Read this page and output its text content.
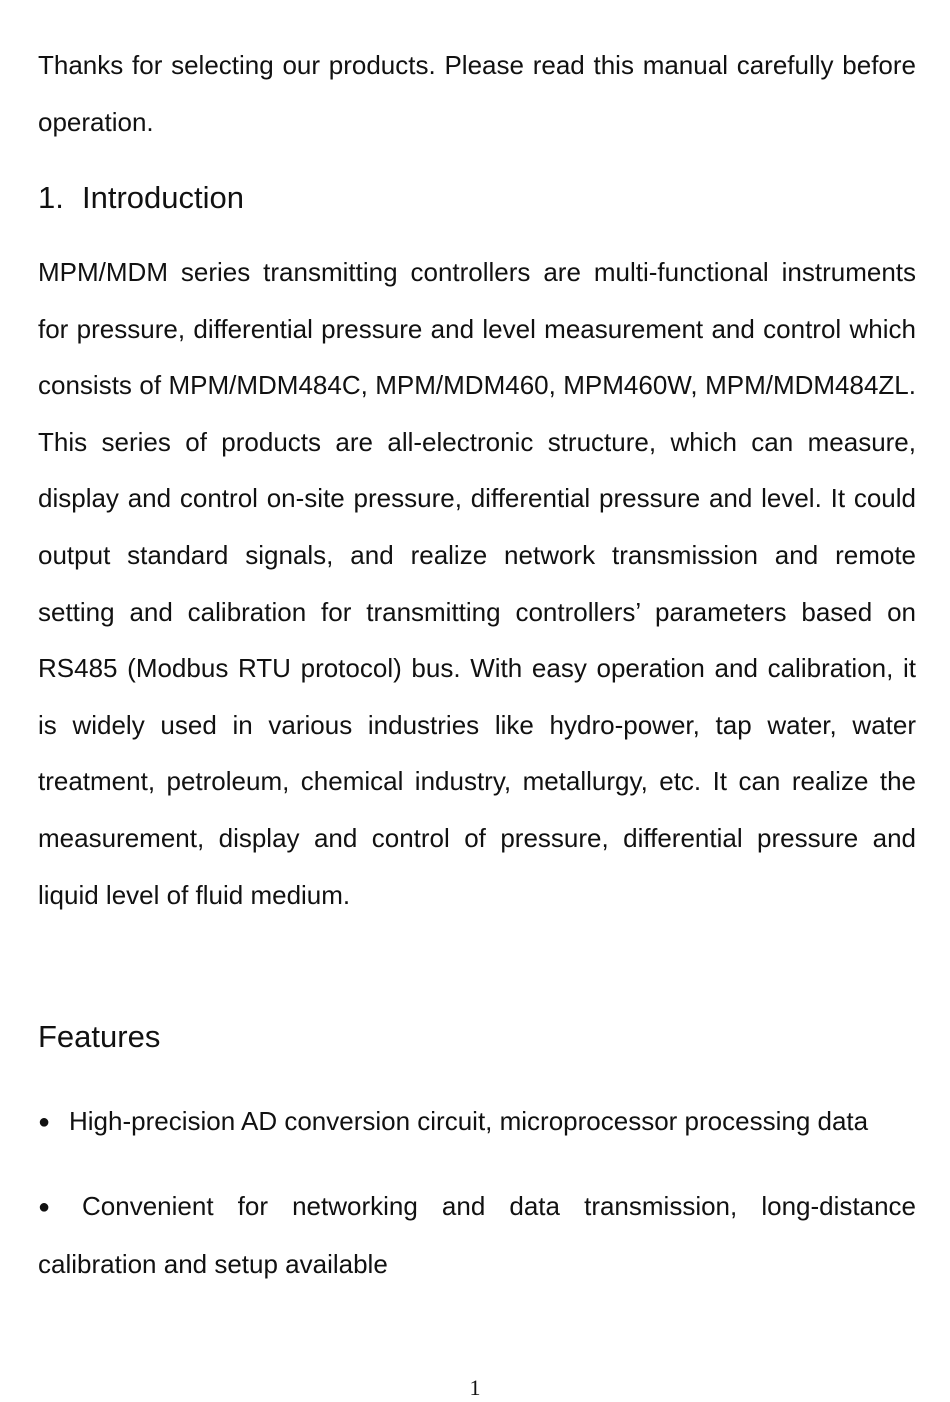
Thanks for selecting our products. Please read this manual carefully before operation.

1. Introduction

MPM/MDM series transmitting controllers are multi-functional instruments for pressure, differential pressure and level measurement and control which consists of MPM/MDM484C, MPM/MDM460, MPM460W, MPM/MDM484ZL. This series of products are all-electronic structure, which can measure, display and control on-site pressure, differential pressure and level. It could output standard signals, and realize network transmission and remote setting and calibration for transmitting controllers’ parameters based on RS485 (Modbus RTU protocol) bus. With easy operation and calibration, it is widely used in various industries like hydro-power, tap water, water treatment, petroleum, chemical industry, metallurgy, etc. It can realize the measurement, display and control of pressure, differential pressure and liquid level of fluid medium.

Features

● High-precision AD conversion circuit, microprocessor processing data

● Convenient for networking and data transmission, long-distance calibration and setup available

1
